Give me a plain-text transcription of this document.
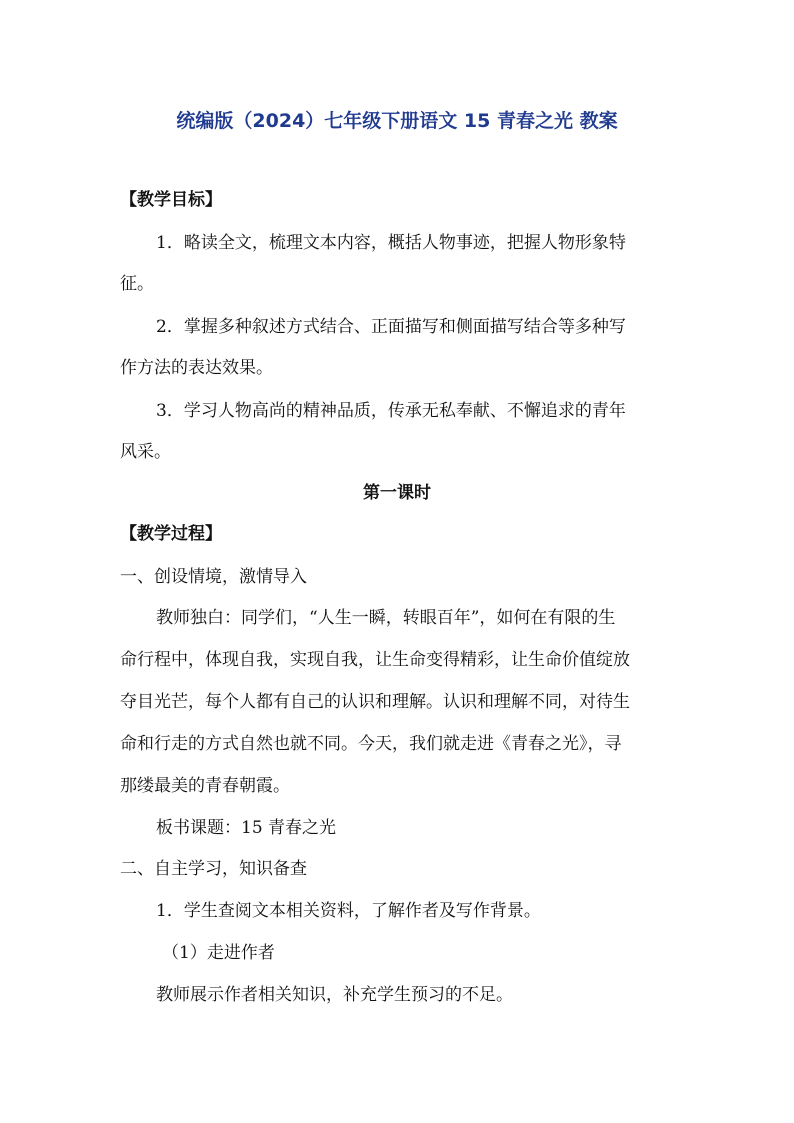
统编版（2024）七年级下册语文 15 青春之光 教案
【教学目标】
1．略读全文，梳理文本内容，概括人物事迹，把握人物形象特
征。
2．掌握多种叙述方式结合、正面描写和侧面描写结合等多种写
作方法的表达效果。
3．学习人物高尚的精神品质，传承无私奉献、不懈追求的青年
风采。
第一课时
【教学过程】
一、创设情境，激情导入
教师独白：同学们，“人生一瞬，转眼百年”，如何在有限的生
命行程中，体现自我，实现自我，让生命变得精彩，让生命价值绽放
夺目光芒，每个人都有自己的认识和理解。认识和理解不同，对待生
命和行走的方式自然也就不同。今天，我们就走进《青春之光》，寻
那缕最美的青春朝霞。
板书课题：15 青春之光
二、自主学习，知识备查
1．学生查阅文本相关资料，了解作者及写作背景。
（1）走进作者
教师展示作者相关知识，补充学生预习的不足。
